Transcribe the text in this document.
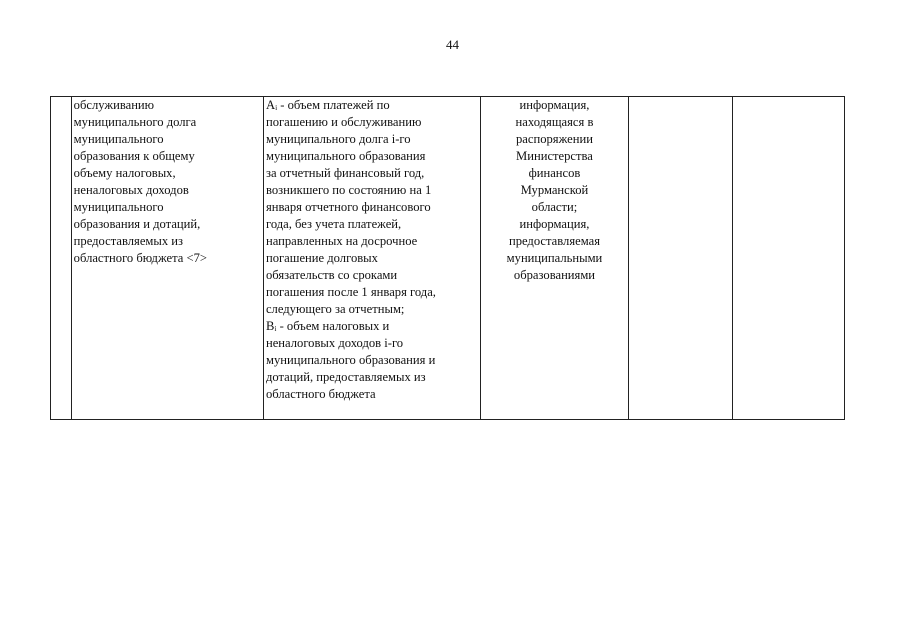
44

обслуживанию
муниципального долга
муниципального
образования к общему
объему налоговых,
неналоговых доходов
муниципального
образования и дотаций,
предоставляемых из
областного бюджета <7>

Aᵢ - объем платежей по
погашению и обслуживанию
муниципального долга i-го
муниципального образования
за отчетный финансовый год,
возникшего по состоянию на 1
января отчетного финансового
года, без учета платежей,
направленных на досрочное
погашение долговых
обязательств со сроками
погашения после 1 января года,
следующего за отчетным;
Bᵢ - объем налоговых и
неналоговых доходов i-го
муниципального образования и
дотаций, предоставляемых из
областного бюджета

информация,
находящаяся в
распоряжении
Министерства
финансов
Мурманской
области;
информация,
предоставляемая
муниципальными
образованиями
